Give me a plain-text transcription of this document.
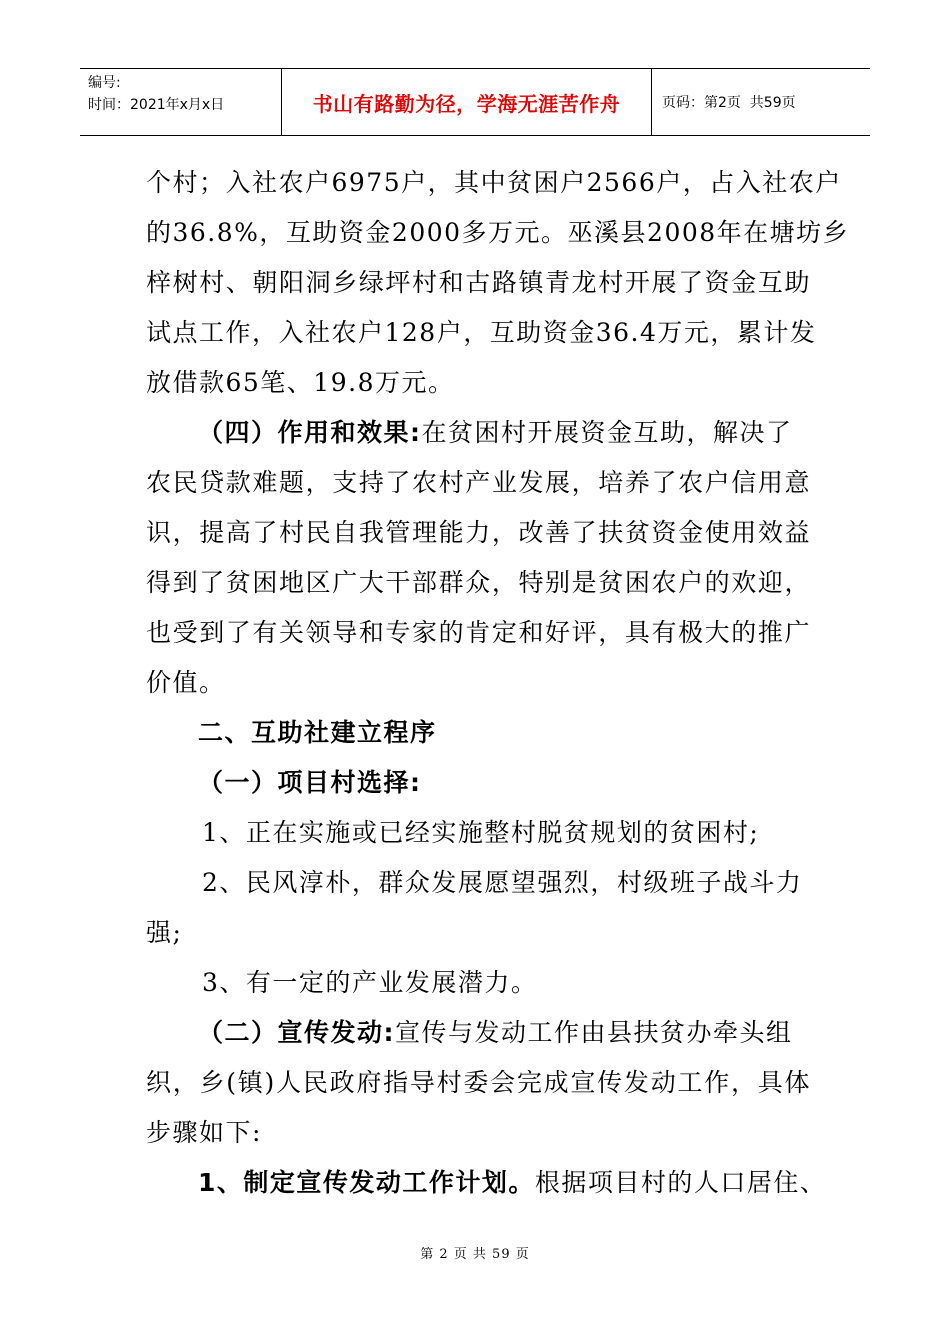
编号:
时间：2021年x月x日	书山有路勤为径，学海无涯苦作舟	页码：第2页  共59页
个村；入社农户6975户，其中贫困户2566户，占入社农户
的36.8%，互助资金2000多万元。巫溪县2008年在塘坊乡
梓树村、朝阳洞乡绿坪村和古路镇青龙村开展了资金互助
试点工作，入社农户128户，互助资金36.4万元，累计发
放借款65笔、19.8万元。
（四）作用和效果:在贫困村开展资金互助，解决了
农民贷款难题，支持了农村产业发展，培养了农户信用意
识，提高了村民自我管理能力，改善了扶贫资金使用效益
得到了贫困地区广大干部群众，特别是贫困农户的欢迎，
也受到了有关领导和专家的肯定和好评，具有极大的推广
价值。
二、互助社建立程序
（一）项目村选择:
1、正在实施或已经实施整村脱贫规划的贫困村;
2、民风淳朴，群众发展愿望强烈，村级班子战斗力
强;
3、有一定的产业发展潜力。
（二）宣传发动:宣传与发动工作由县扶贫办牵头组
织，乡(镇)人民政府指导村委会完成宣传发动工作，具体
步骤如下:
1、制定宣传发动工作计划。根据项目村的人口居住、
第 2 页 共 59 页
